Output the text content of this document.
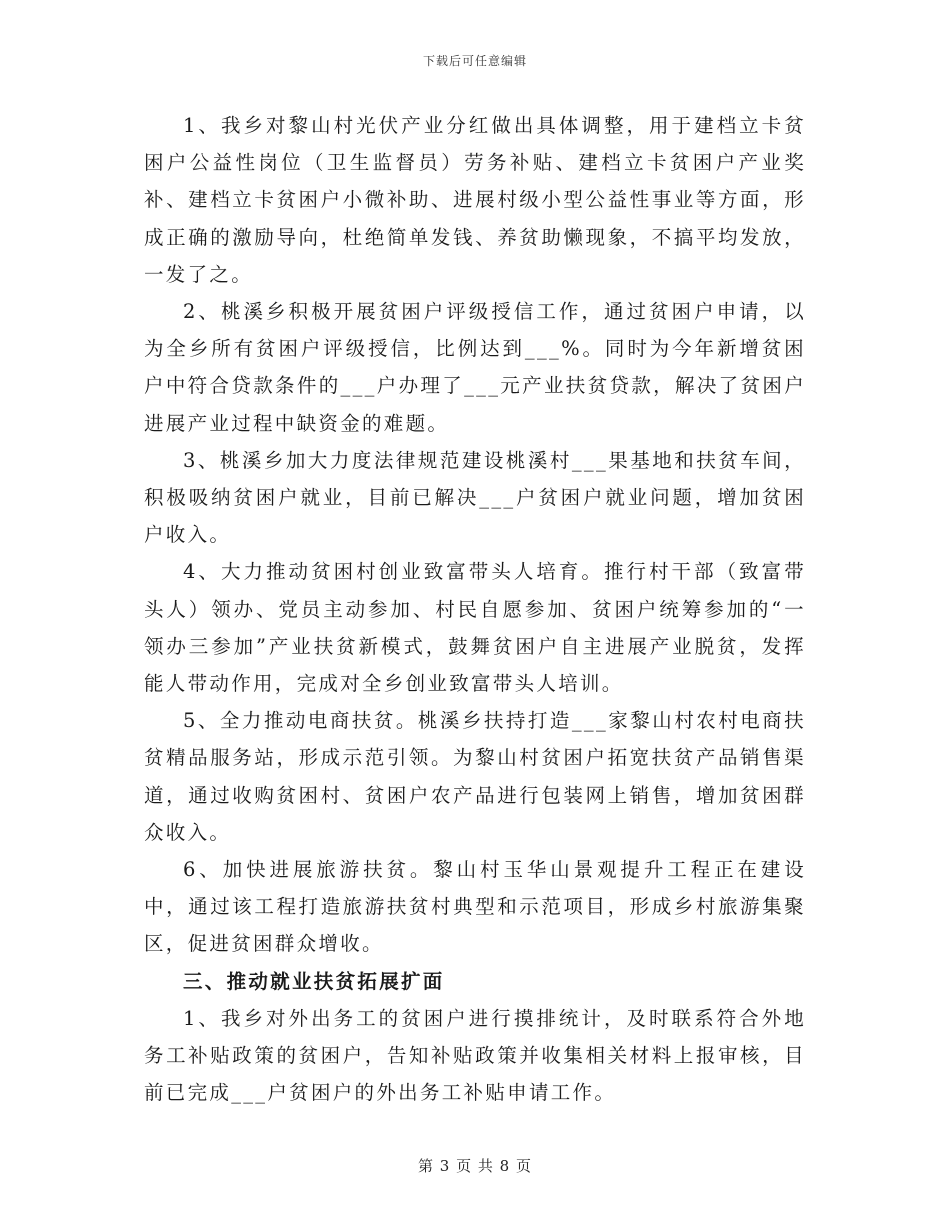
下载后可任意编辑

1、我乡对黎山村光伏产业分红做出具体调整，用于建档立卡贫困户公益性岗位（卫生监督员）劳务补贴、建档立卡贫困户产业奖补、建档立卡贫困户小微补助、进展村级小型公益性事业等方面，形成正确的激励导向，杜绝简单发钱、养贫助懒现象，不搞平均发放，一发了之。

2、桃溪乡积极开展贫困户评级授信工作，通过贫困户申请，以为全乡所有贫困户评级授信，比例达到___%。同时为今年新增贫困户中符合贷款条件的___户办理了___元产业扶贫贷款，解决了贫困户进展产业过程中缺资金的难题。

3、桃溪乡加大力度法律规范建设桃溪村___果基地和扶贫车间，积极吸纳贫困户就业，目前已解决___户贫困户就业问题，增加贫困户收入。

4、大力推动贫困村创业致富带头人培育。推行村干部（致富带头人）领办、党员主动参加、村民自愿参加、贫困户统筹参加的“一领办三参加”产业扶贫新模式，鼓舞贫困户自主进展产业脱贫，发挥能人带动作用，完成对全乡创业致富带头人培训。

5、全力推动电商扶贫。桃溪乡扶持打造___家黎山村农村电商扶贫精品服务站，形成示范引领。为黎山村贫困户拓宽扶贫产品销售渠道，通过收购贫困村、贫困户农产品进行包装网上销售，增加贫困群众收入。

6、加快进展旅游扶贫。黎山村玉华山景观提升工程正在建设中，通过该工程打造旅游扶贫村典型和示范项目，形成乡村旅游集聚区，促进贫困群众增收。

三、推动就业扶贫拓展扩面

1、我乡对外出务工的贫困户进行摸排统计，及时联系符合外地务工补贴政策的贫困户，告知补贴政策并收集相关材料上报审核，目前已完成___户贫困户的外出务工补贴申请工作。

第 3 页 共 8 页
